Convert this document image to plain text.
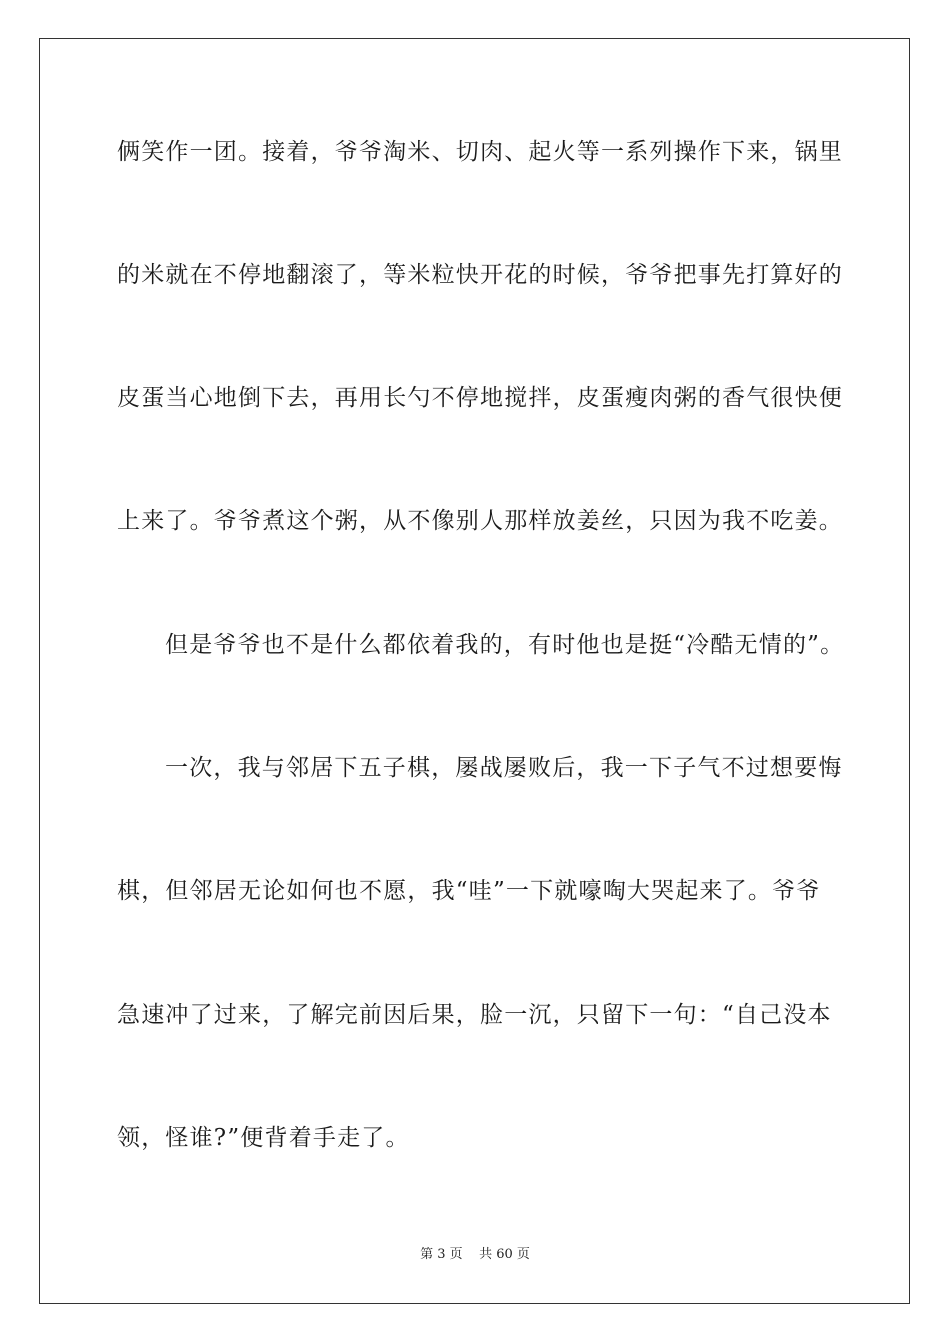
俩笑作一团。接着，爷爷淘米、切肉、起火等一系列操作下来，锅里
的米就在不停地翻滚了，等米粒快开花的时候，爷爷把事先打算好的
皮蛋当心地倒下去，再用长勺不停地搅拌，皮蛋瘦肉粥的香气很快便
上来了。爷爷煮这个粥，从不像别人那样放姜丝，只因为我不吃姜。
但是爷爷也不是什么都依着我的，有时他也是挺“冷酷无情的”。
一次，我与邻居下五子棋，屡战屡败后，我一下子气不过想要悔
棋，但邻居无论如何也不愿，我“哇”一下就嚎啕大哭起来了。爷爷
急速冲了过来，了解完前因后果，脸一沉，只留下一句：“自己没本
领，怪谁?”便背着手走了。
第 3 页    共 60 页
